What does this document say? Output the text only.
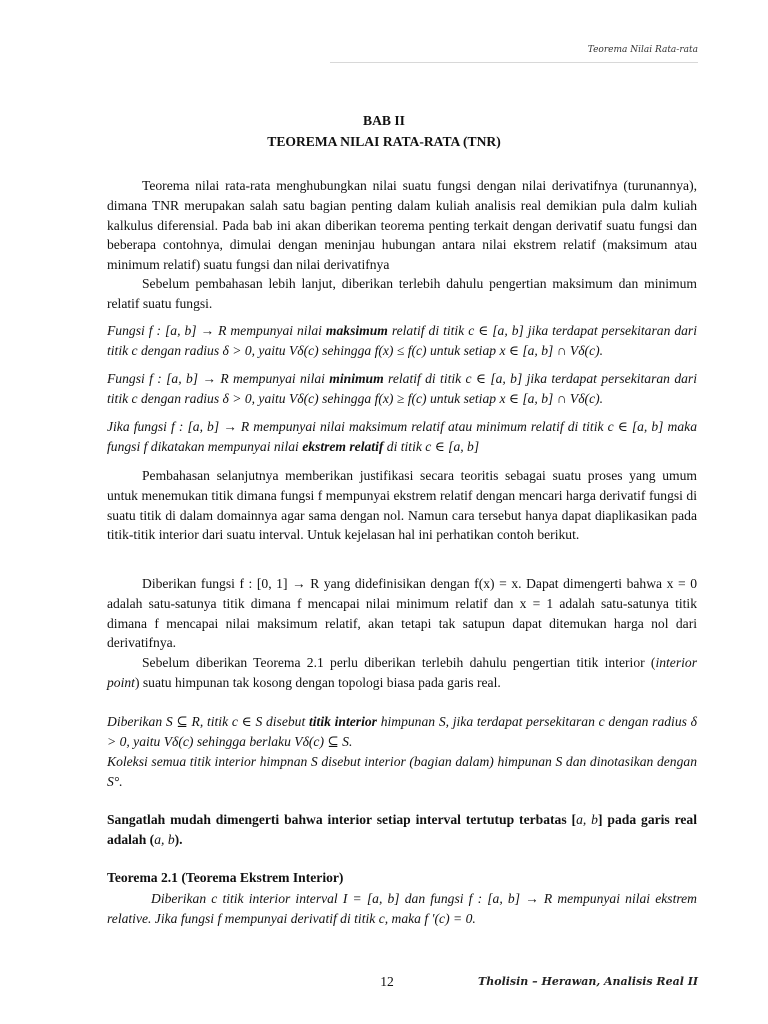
Teorema Nilai Rata-rata
BAB II
TEOREMA NILAI RATA-RATA (TNR)

Teorema nilai rata-rata menghubungkan nilai suatu fungsi dengan nilai derivatifnya (turunannya), dimana TNR merupakan salah satu bagian penting dalam kuliah analisis real demikian pula dalm kuliah kalkulus diferensial. Pada bab ini akan diberikan teorema penting terkait dengan derivatif suatu fungsi dan beberapa contohnya, dimulai dengan meninjau hubungan antara nilai ekstrem relatif (maksimum atau minimum relatif) suatu fungsi dan nilai derivatifnya

Sebelum pembahasan lebih lanjut, diberikan terlebih dahulu pengertian maksimum dan minimum relatif suatu fungsi.

Fungsi f : [a, b] → R mempunyai nilai maksimum relatif di titik c ∈ [a, b] jika terdapat persekitaran dari titik c dengan radius δ > 0, yaitu Vδ(c) sehingga f(x) ≤ f(c) untuk setiap x ∈ [a, b] ∩ Vδ(c).

Fungsi f : [a, b] → R mempunyai nilai minimum relatif di titik c ∈ [a, b] jika terdapat persekitaran dari titik c dengan radius δ > 0, yaitu Vδ(c) sehingga f(x) ≥ f(c) untuk setiap x ∈ [a, b] ∩ Vδ(c).

Jika fungsi f : [a, b] → R mempunyai nilai maksimum relatif atau minimum relatif di titik c ∈ [a, b] maka fungsi f dikatakan mempunyai nilai ekstrem relatif di titik c ∈ [a, b]

Pembahasan selanjutnya memberikan justifikasi secara teoritis sebagai suatu proses yang umum untuk menemukan titik dimana fungsi f mempunyai ekstrem relatif dengan mencari harga derivatif fungsi di suatu titik di dalam domainnya agar sama dengan nol. Namun cara tersebut hanya dapat diaplikasikan pada titik-titik interior dari suatu interval. Untuk kejelasan hal ini perhatikan contoh berikut.

Diberikan fungsi f : [0, 1] → R yang didefinisikan dengan f(x) = x. Dapat dimengerti bahwa x = 0 adalah satu-satunya titik dimana f mencapai nilai minimum relatif dan x = 1 adalah satu-satunya titik dimana f mencapai nilai maksimum relatif, akan tetapi tak satupun dapat ditemukan harga nol dari derivatifnya.

Sebelum diberikan Teorema 2.1 perlu diberikan terlebih dahulu pengertian titik interior (interior point) suatu himpunan tak kosong dengan topologi biasa pada garis real.

Diberikan S ⊆ R, titik c ∈ S disebut titik interior himpunan S, jika terdapat persekitaran c dengan radius δ > 0, yaitu Vδ(c) sehingga berlaku Vδ(c) ⊆ S.

Koleksi semua titik interior himpnan S disebut interior (bagian dalam) himpunan S dan dinotasikan dengan S°.

Sangatlah mudah dimengerti bahwa interior setiap interval tertutup terbatas [a, b] pada garis real adalah (a, b).

Teorema 2.1 (Teorema Ekstrem Interior)

Diberikan c titik interior interval I = [a, b] dan fungsi f : [a, b] → R mempunyai nilai ekstrem relative. Jika fungsi f mempunyai derivatif di titik c, maka f ′(c) = 0.

12	Tholisin – Herawan, Analisis Real II
